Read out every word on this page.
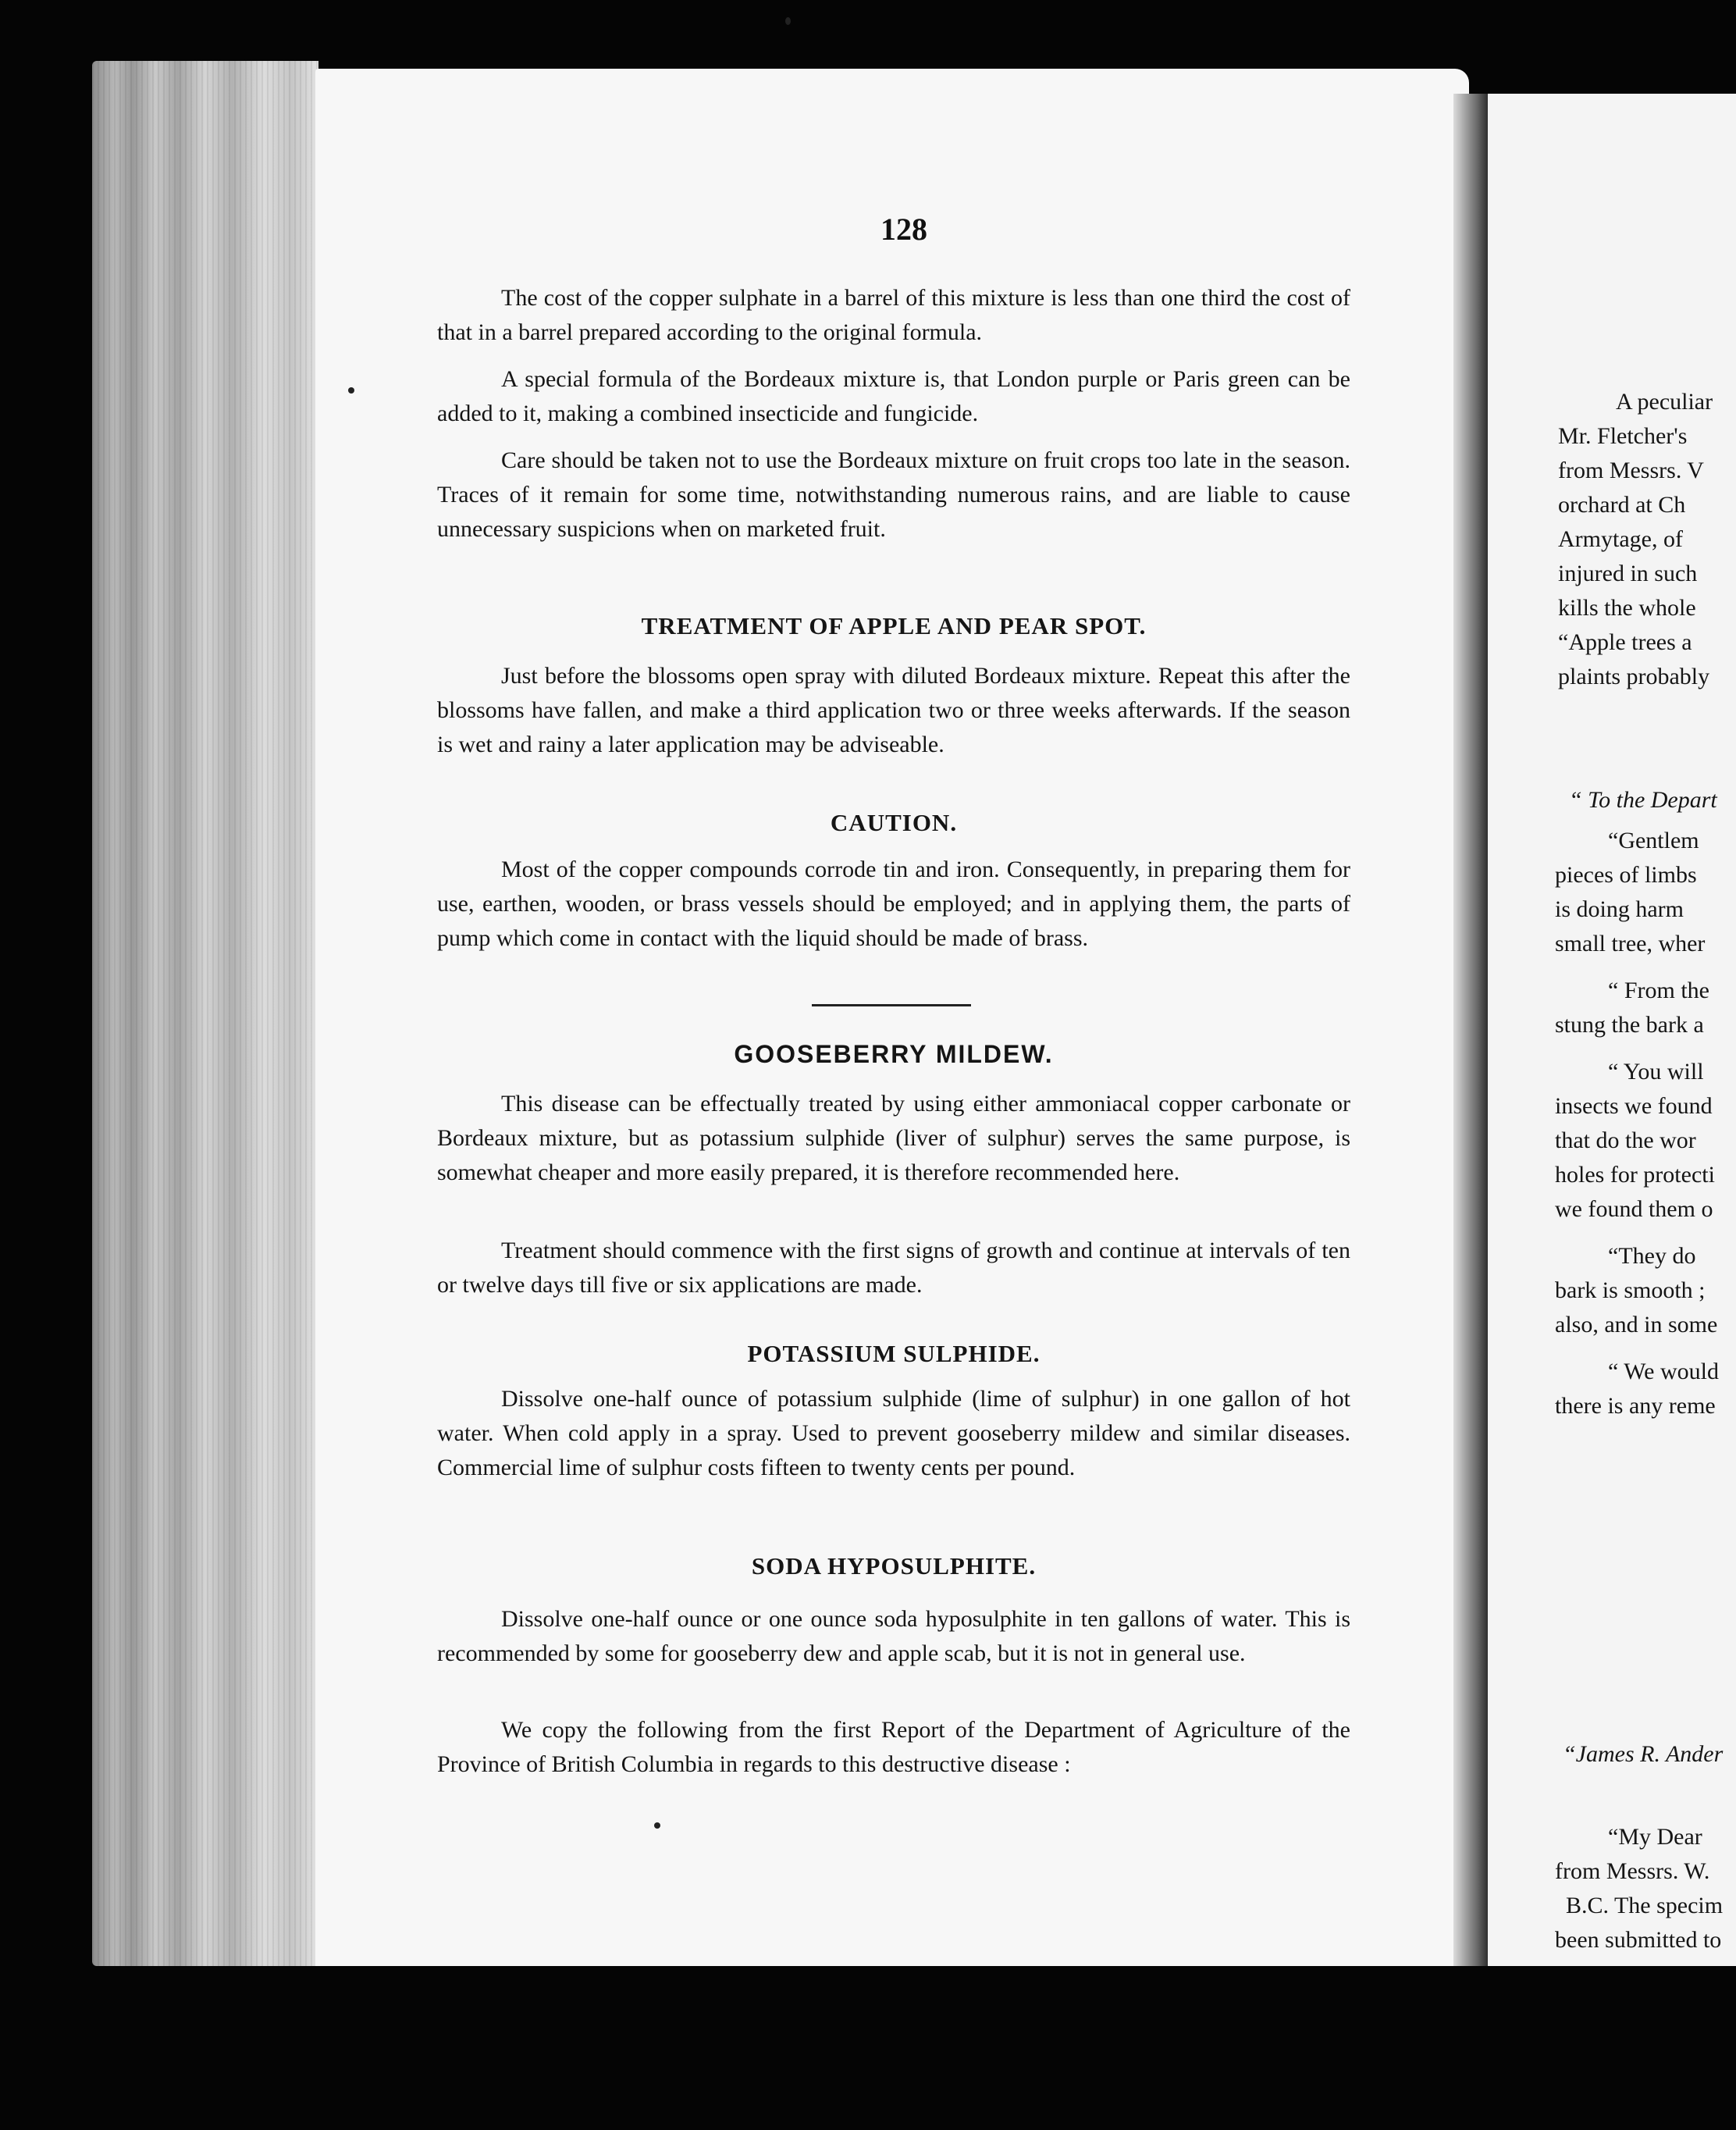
A peculiar
Mr. Fletcher's
from Messrs. V
orchard at Ch
Armytage, of
injured in such
kills the whole
“Apple trees a
plaints probably
“ To the Depart
“Gentlem
pieces of limbs
is doing harm
small tree, wher
“ From the
stung the bark a
“ You will
insects we found
that do the wor
holes for protecti
we found them o
“They do
bark is smooth ;
also, and in some
“ We would
there is any reme
“James R. Ander
“My Dear
from Messrs. W.
B.C. The specim
been submitted to
128

The cost of the copper sulphate in a barrel of this mixture is less than one third the cost of that in a barrel prepared according to the original formula.

A special formula of the Bordeaux mixture is, that London purple or Paris green can be added to it, making a combined insecticide and fungicide.

Care should be taken not to use the Bordeaux mixture on fruit crops too late in the season. Traces of it remain for some time, notwithstanding numerous rains, and are liable to cause unnecessary suspicions when on marketed fruit.

TREATMENT OF APPLE AND PEAR SPOT.

Just before the blossoms open spray with diluted Bordeaux mixture. Repeat this after the blossoms have fallen, and make a third application two or three weeks afterwards. If the season is wet and rainy a later application may be adviseable.

CAUTION.

Most of the copper compounds corrode tin and iron. Consequently, in preparing them for use, earthen, wooden, or brass vessels should be employed; and in applying them, the parts of pump which come in contact with the liquid should be made of brass.

GOOSEBERRY MILDEW.

This disease can be effectually treated by using either ammoniacal copper carbonate or Bordeaux mixture, but as potassium sulphide (liver of sulphur) serves the same purpose, is somewhat cheaper and more easily prepared, it is therefore recommended here.

Treatment should commence with the first signs of growth and continue at intervals of ten or twelve days till five or six applications are made.

POTASSIUM SULPHIDE.

Dissolve one-half ounce of potassium sulphide (lime of sulphur) in one gallon of hot water. When cold apply in a spray. Used to prevent gooseberry mildew and similar diseases. Commercial lime of sulphur costs fifteen to twenty cents per pound.

SODA HYPOSULPHITE.

Dissolve one-half ounce or one ounce soda hyposulphite in ten gallons of water. This is recommended by some for gooseberry dew and apple scab, but it is not in general use.

We copy the following from the first Report of the Department of Agriculture of the Province of British Columbia in regards to this destructive disease :
